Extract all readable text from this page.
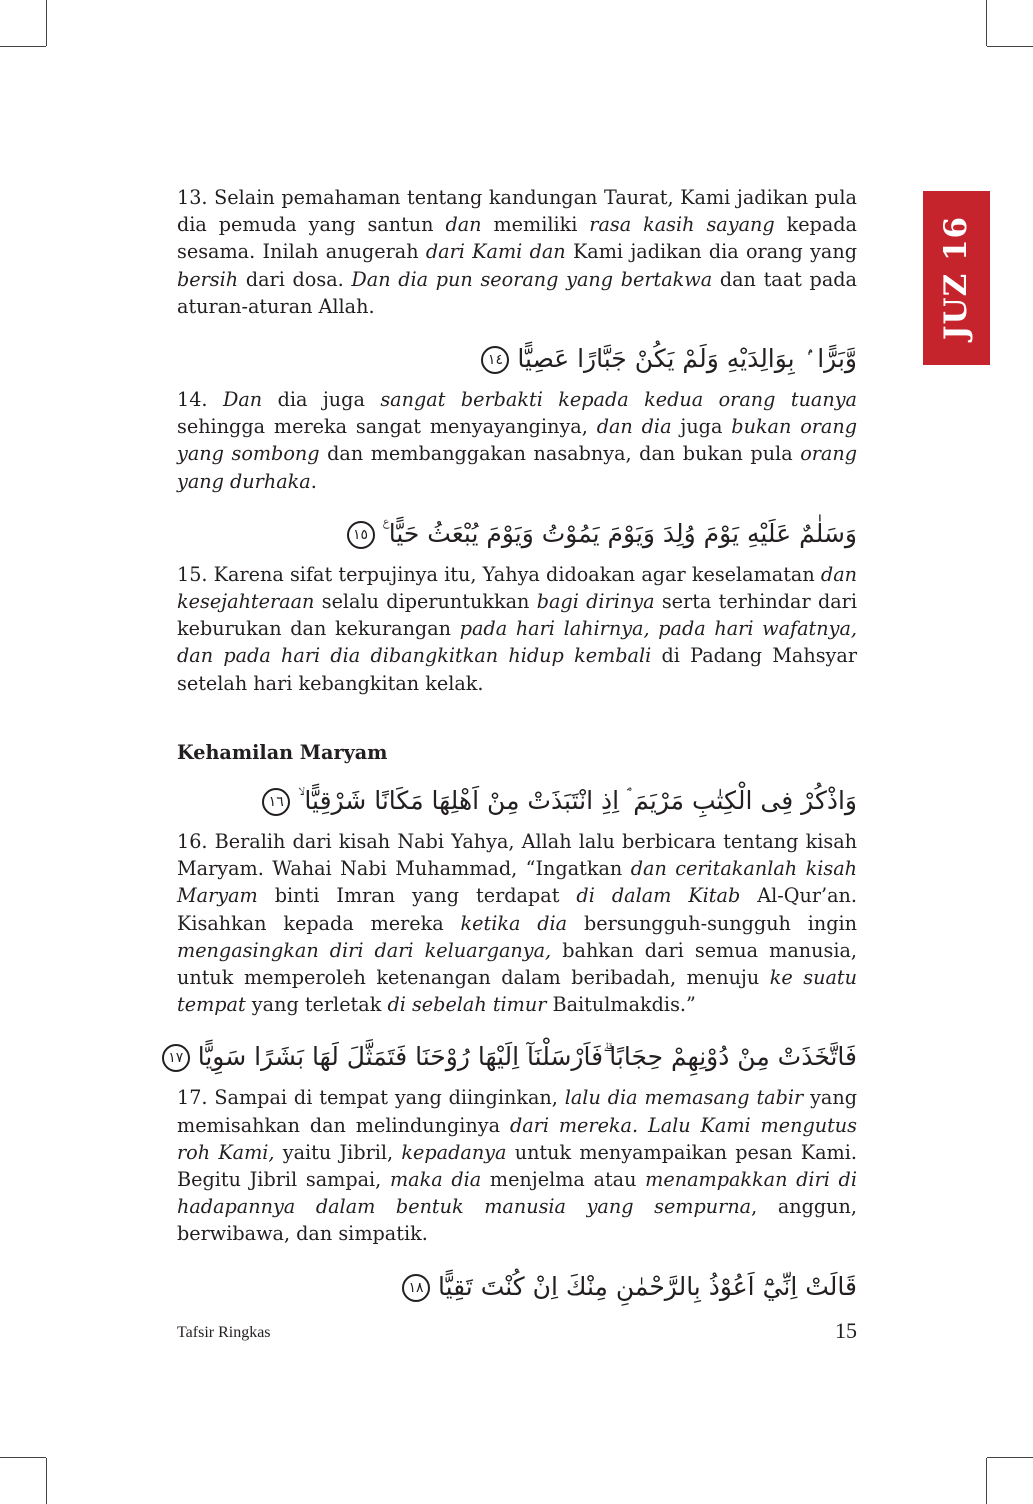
JUZ 16

13. Selain pemahaman tentang kandungan Taurat, Kami jadikan pula dia pemuda yang santun dan memiliki rasa kasih sayang kepada sesama. Inilah anugerah dari Kami dan Kami jadikan dia orang yang bersih dari dosa. Dan dia pun seorang yang bertakwa dan taat pada aturan-aturan Allah.

وَّبَرًّا ۢ بِوَالِدَيْهِ وَلَمْ يَكُنْ جَبَّارًا عَصِيًّا ١٤

14. Dan dia juga sangat berbakti kepada kedua orang tuanya sehingga mereka sangat menyayanginya, dan dia juga bukan orang yang sombong dan membanggakan nasabnya, dan bukan pula orang yang durhaka.

وَسَلٰمٌ عَلَيْهِ يَوْمَ وُلِدَ وَيَوْمَ يَمُوْتُ وَيَوْمَ يُبْعَثُ حَيًّا ࣖ ١٥

15. Karena sifat terpujinya itu, Yahya didoakan agar keselamatan dan kesejahteraan selalu diperuntukkan bagi dirinya serta terhindar dari keburukan dan kekurangan pada hari lahirnya, pada hari wafatnya, dan pada hari dia dibangkitkan hidup kembali di Padang Mahsyar setelah hari kebangkitan kelak.

Kehamilan Maryam
وَاذْكُرْ فِى الْكِتٰبِ مَرْيَمَ ۘ اِذِ انْتَبَذَتْ مِنْ اَهْلِهَا مَكَانًا شَرْقِيًّا ۙ ١٦

16. Beralih dari kisah Nabi Yahya, Allah lalu berbicara tentang kisah Maryam. Wahai Nabi Muhammad, “Ingatkan dan ceritakanlah kisah Maryam binti Imran yang terdapat di dalam Kitab Al-Qur’an. Kisahkan kepada mereka ketika dia bersungguh-sungguh ingin mengasingkan diri dari keluarganya, bahkan dari semua manusia, untuk memperoleh ketenangan dalam beribadah, menuju ke suatu tempat yang terletak di sebelah timur Baitulmakdis.”

فَاتَّخَذَتْ مِنْ دُوْنِهِمْ حِجَابًا ۗفَاَرْسَلْنَآ اِلَيْهَا رُوْحَنَا فَتَمَثَّلَ لَهَا بَشَرًا سَوِيًّا ١٧

17. Sampai di tempat yang diinginkan, lalu dia memasang tabir yang memisahkan dan melindunginya dari mereka. Lalu Kami mengutus roh Kami, yaitu Jibril, kepadanya untuk menyampaikan pesan Kami. Begitu Jibril sampai, maka dia menjelma atau menampakkan diri di hadapannya dalam bentuk manusia yang sempurna, anggun, berwibawa, dan simpatik.

قَالَتْ اِنِّيْٓ اَعُوْذُ بِالرَّحْمٰنِ مِنْكَ اِنْ كُنْتَ تَقِيًّا ١٨
Tafsir Ringkas	15
